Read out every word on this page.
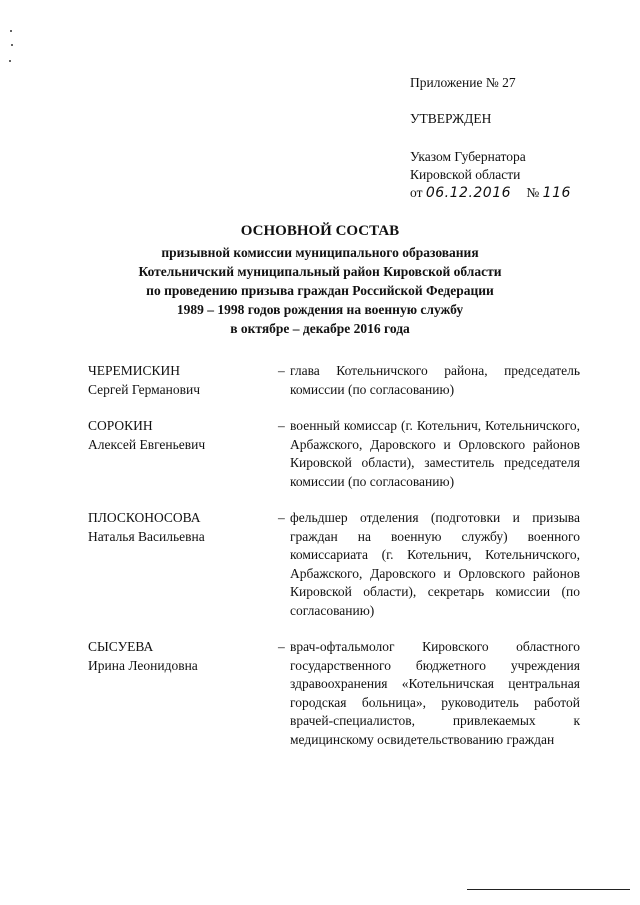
Приложение № 27

УТВЕРЖДЕН

Указом Губернатора

Кировской области

от 06.12.2016 № 116

ОСНОВНОЙ СОСТАВ

призывной комиссии муниципального образования

Котельничский муниципальный район Кировской области

по проведению призыва граждан Российской Федерации

1989 – 1998 годов рождения на военную службу

в октябре – декабре 2016 года

ЧЕРЕМИСКИН
Сергей Германович
– глава Котельничского района, председатель комиссии (по согласованию)
СОРОКИН
Алексей Евгеньевич
– военный комиссар (г. Котельнич, Котельничского, Арбажского, Даровского и Орловского районов Кировской области), заместитель председателя комиссии (по согласованию)
ПЛОСКОНОСОВА
Наталья Васильевна
– фельдшер отделения (подготовки и призыва граждан на военную службу) военного комиссариата (г. Котельнич, Котельничского, Арбажского, Даровского и Орловского районов Кировской области), секретарь комиссии (по согласованию)
СЫСУЕВА
Ирина Леонидовна
– врач-офтальмолог Кировского областного государственного бюджетного учреждения здравоохранения «Котельничская центральная городская больница», руководитель работой врачей-специалистов, привлекаемых к медицинскому освидетельствованию граждан
